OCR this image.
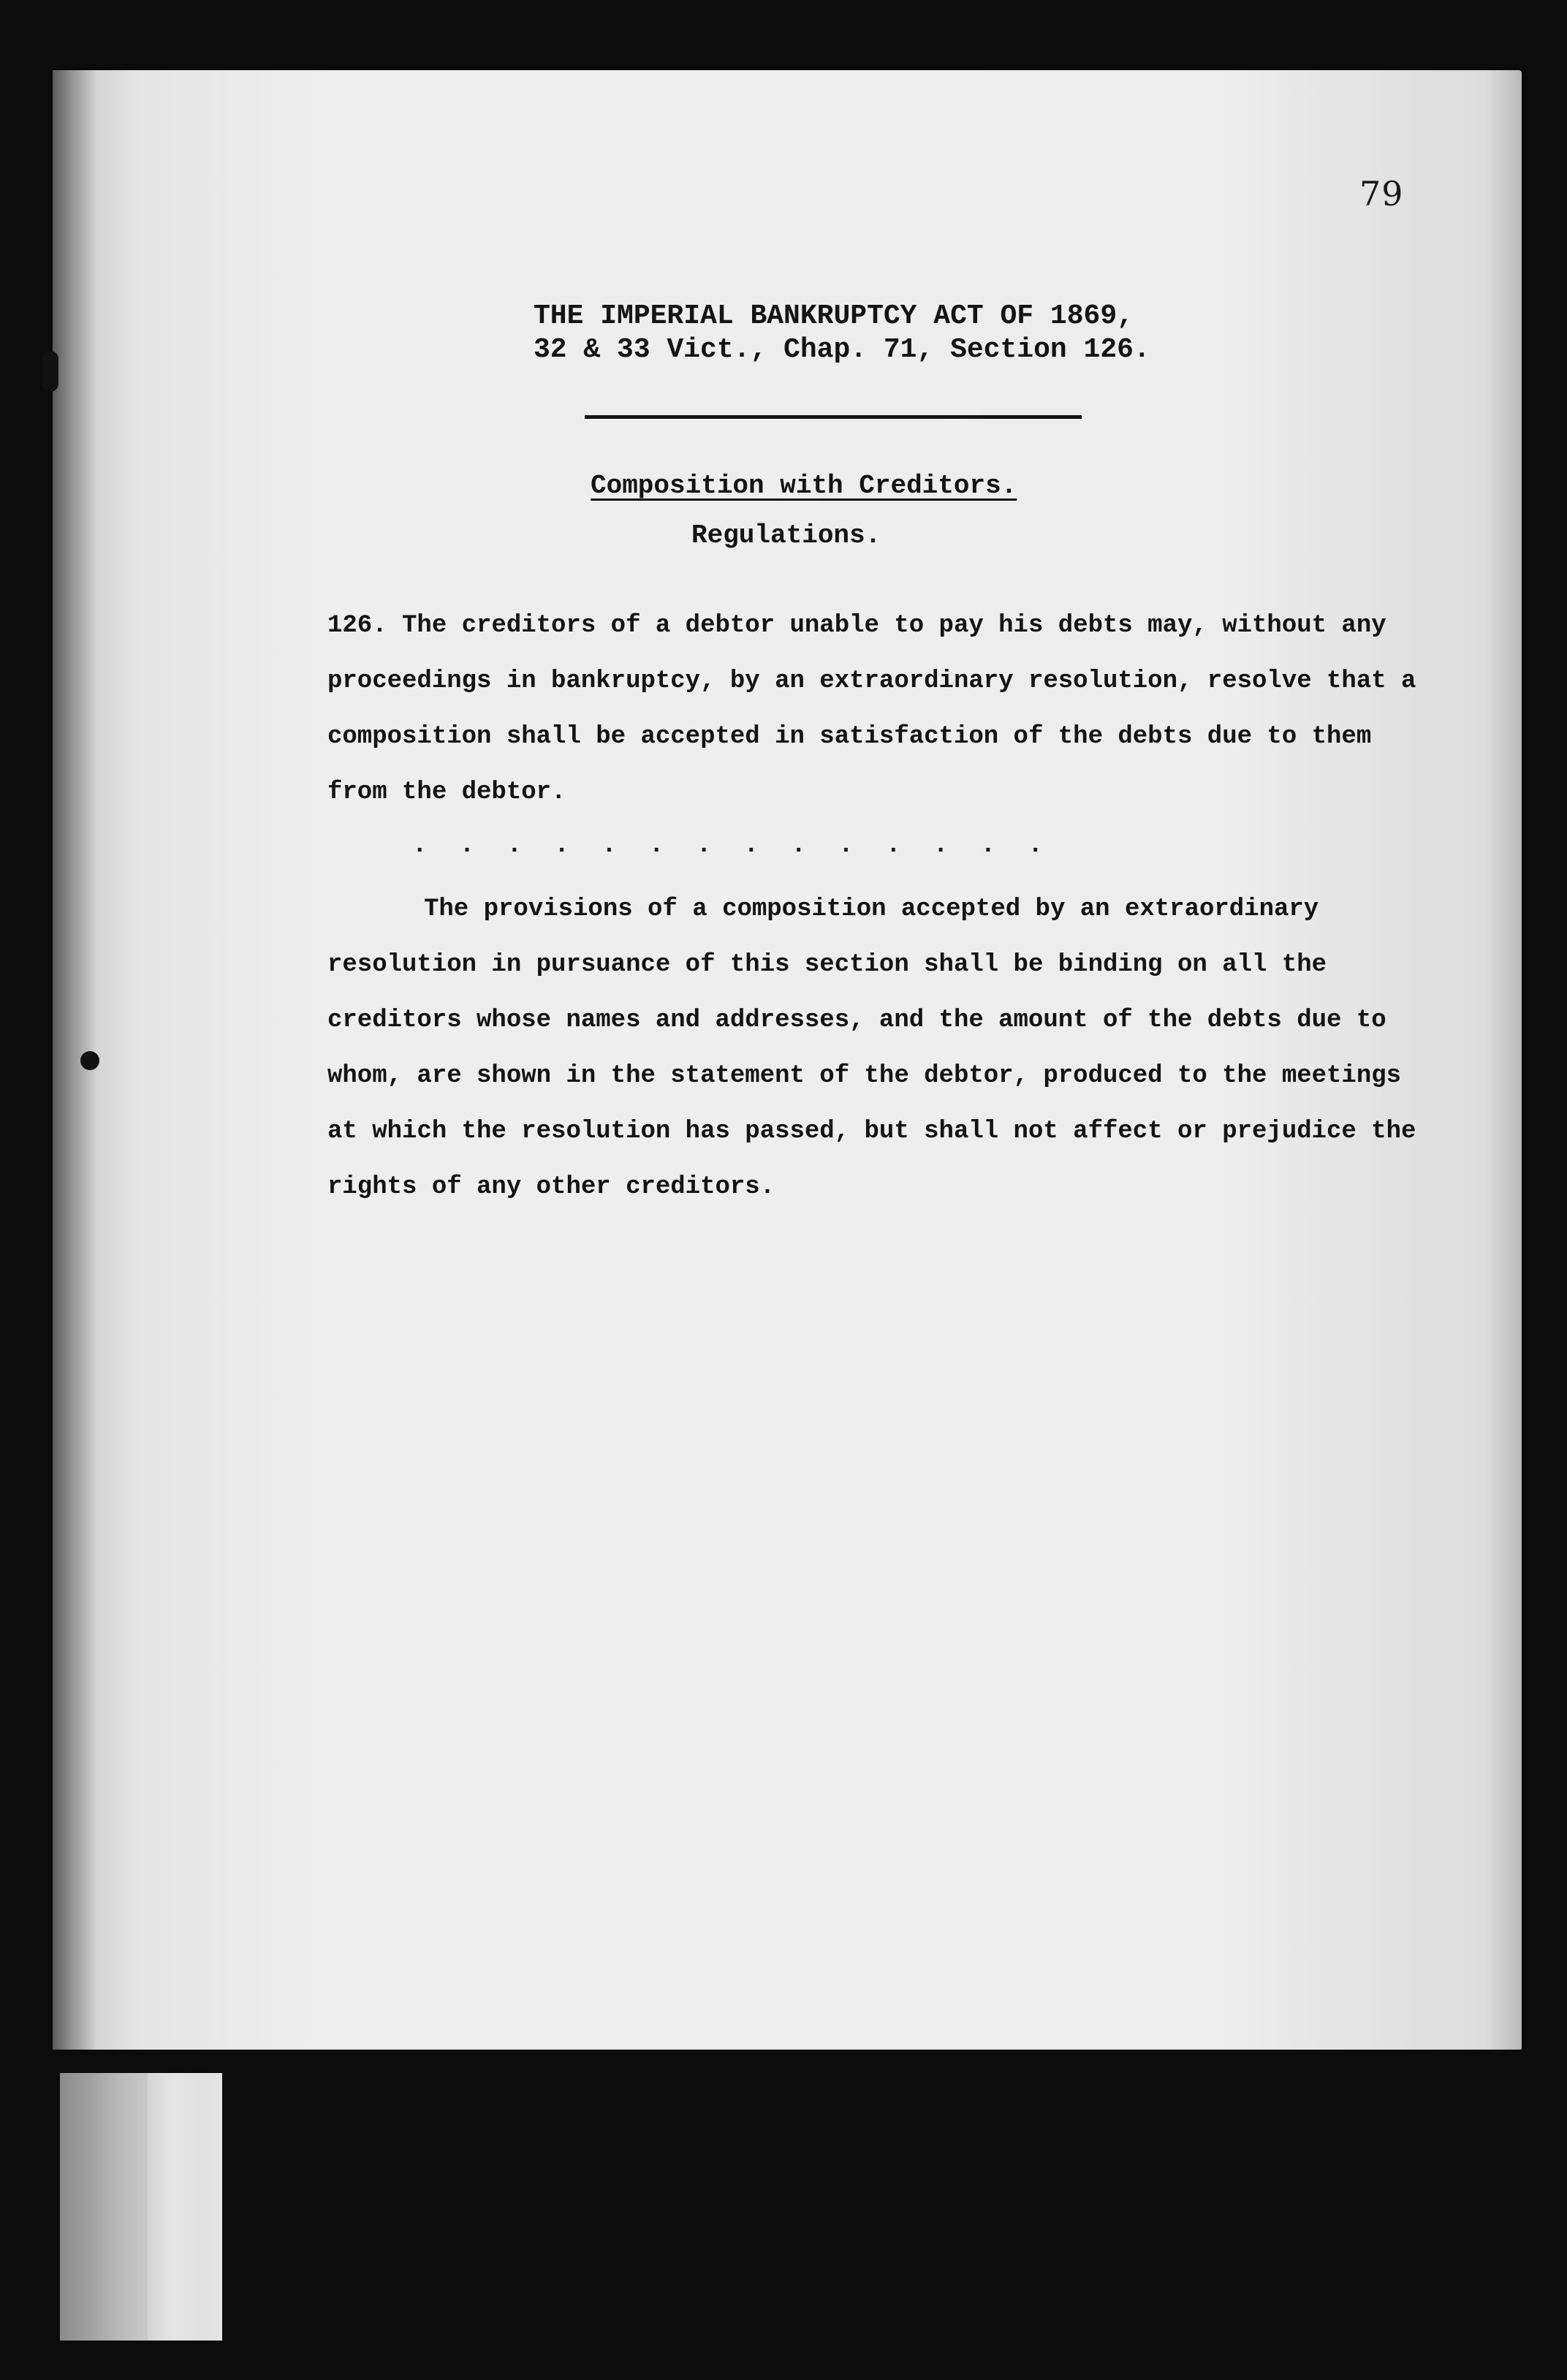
79
THE IMPERIAL BANKRUPTCY ACT OF 1869,
32 & 33 Vict., Chap. 71, Section 126.
Composition with Creditors.
Regulations.
126. The creditors of a debtor unable to pay his debts may, without any proceedings in bankruptcy, by an extraordinary resolution, resolve that a composition shall be accepted in satisfaction of the debts due to them from the debtor.
. . . . . . . . . . . . . .
The provisions of a composition accepted by an extraordinary resolution in pursuance of this section shall be binding on all the creditors whose names and addresses, and the amount of the debts due to whom, are shown in the statement of the debtor, produced to the meetings at which the resolution has passed, but shall not affect or prejudice the rights of any other creditors.
